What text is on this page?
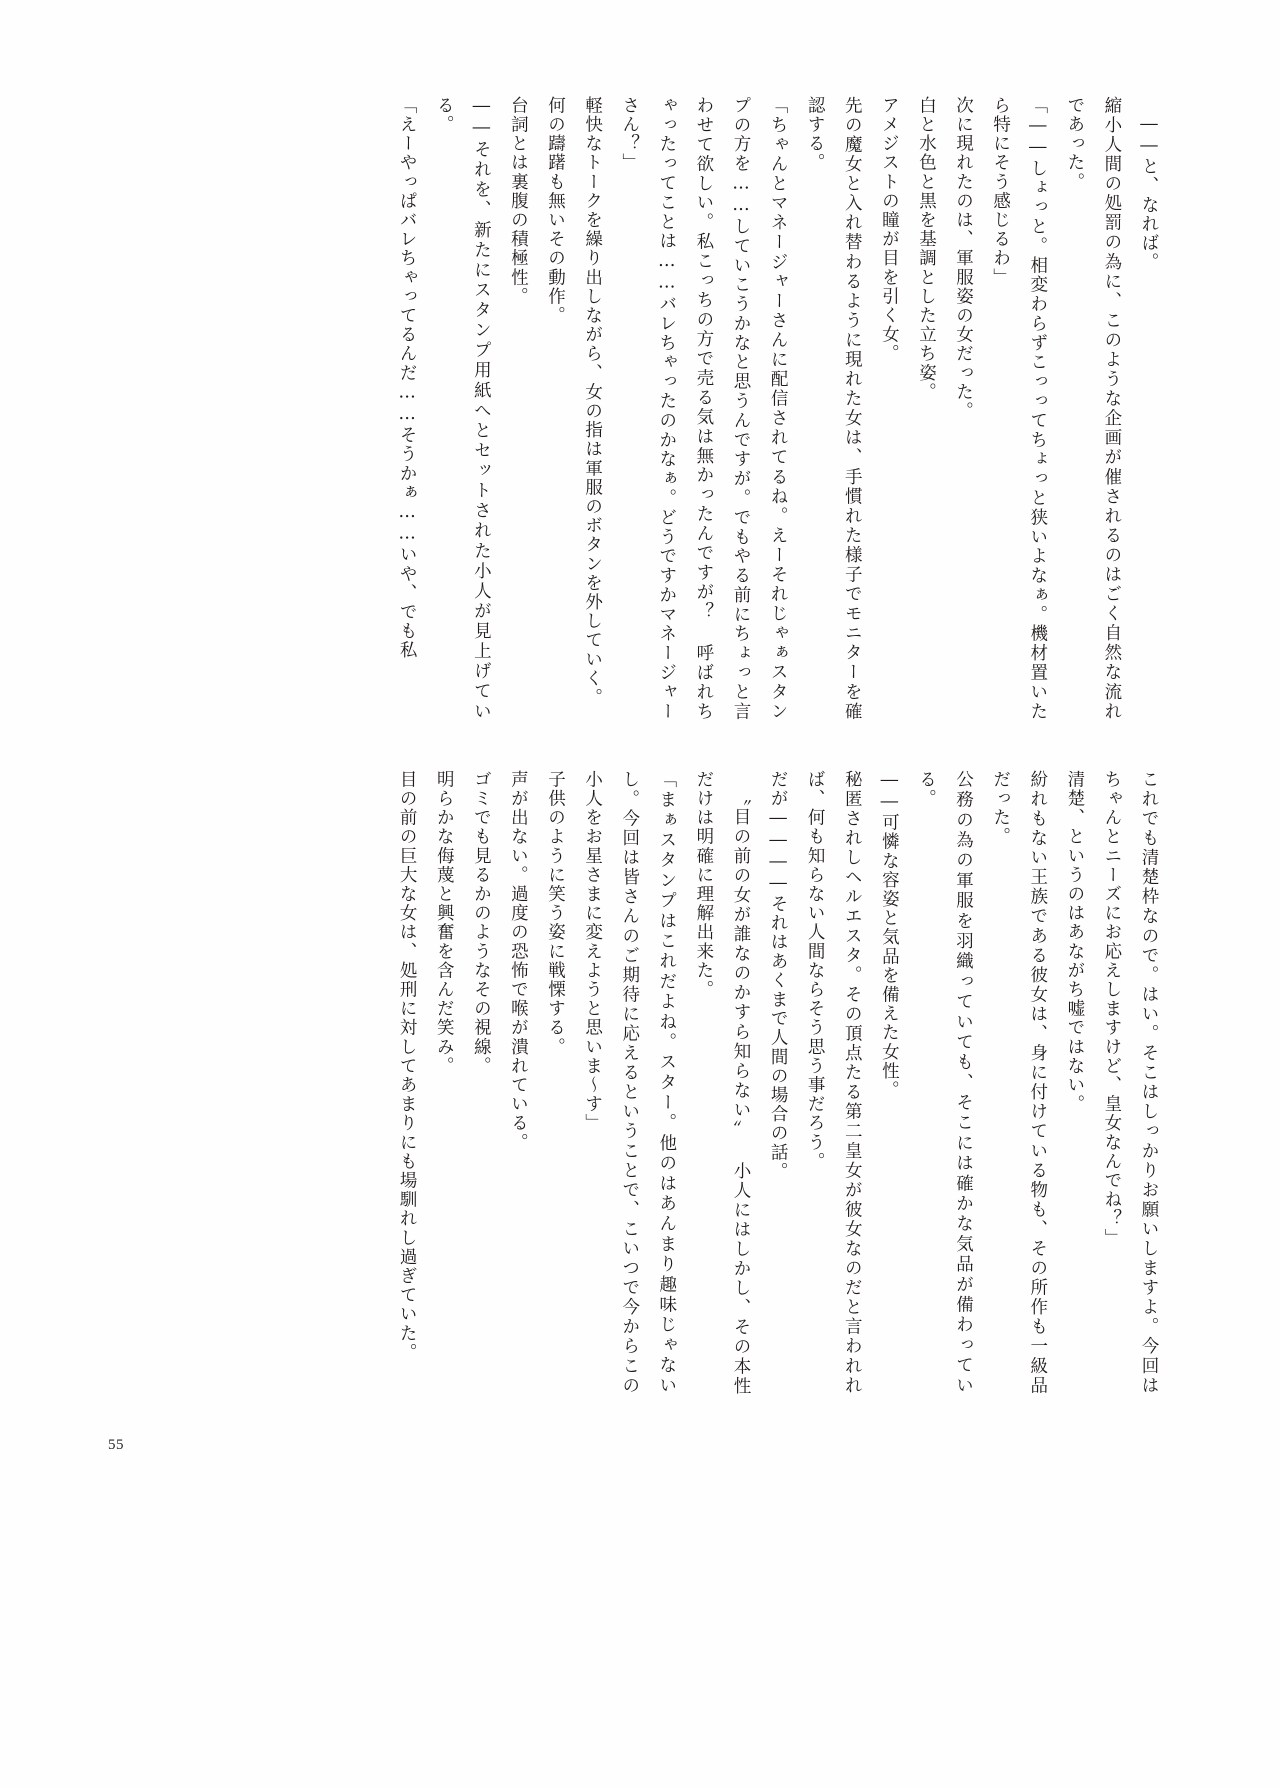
――と、なれば。

縮小人間の処罰の為に、このような企画が催されるのはごく自然な流れであった。

「――しょっと。相変わらずこっってちょっと狭いよなぁ。機材置いたら特にそう感じるわ」

次に現れたのは、軍服姿の女だった。

白と水色と黒を基調とした立ち姿。

アメジストの瞳が目を引く女。

先の魔女と入れ替わるように現れた女は、手慣れた様子でモニターを確認する。

「ちゃんとマネージャーさんに配信されてるね。えーそれじゃぁスタンプの方を……していこうかなと思うんですが。でもやる前にちょっと言わせて欲しい。私こっちの方で売る気は無かったんですが？ 呼ばれちゃったってことは……バレちゃったのかなぁ。どうですかマネージャーさん？」

軽快なトークを繰り出しながら、女の指は軍服のボタンを外していく。

何の躊躇も無いその動作。

台詞とは裏腹の積極性。

――それを、新たにスタンプ用紙へとセットされた小人が見上げている。

「えーやっぱバレちゃってるんだ……そうかぁ……いや、でも私

これでも清楚枠なので。はい。そこはしっかりお願いしますよ。今回はちゃんとニーズにお応えしますけど、皇女なんでね？」

清楚、というのはあながち嘘ではない。

紛れもない王族である彼女は、身に付けている物も、その所作も一級品だった。

公務の為の軍服を羽織っていても、そこには確かな気品が備わっている。

――可憐な容姿と気品を備えた女性。

秘匿されしヘルエスタ。その頂点たる第二皇女が彼女なのだと言われれば、何も知らない人間ならそう思う事だろう。

だが――――それはあくまで人間の場合の話。

〝目の前の女が誰なのかすら知らない〟 小人にはしかし、その本性だけは明確に理解出来た。

「まぁスタンプはこれだよね。スター。他のはあんまり趣味じゃないし。今回は皆さんのご期待に応えるということで、こいつで今からこの小人をお星さまに変えようと思いま～す」

子供のように笑う姿に戦慄する。

声が出ない。過度の恐怖で喉が潰れている。

ゴミでも見るかのようなその視線。

明らかな侮蔑と興奮を含んだ笑み。

目の前の巨大な女は、処刑に対してあまりにも場馴れし過ぎていた。

55
